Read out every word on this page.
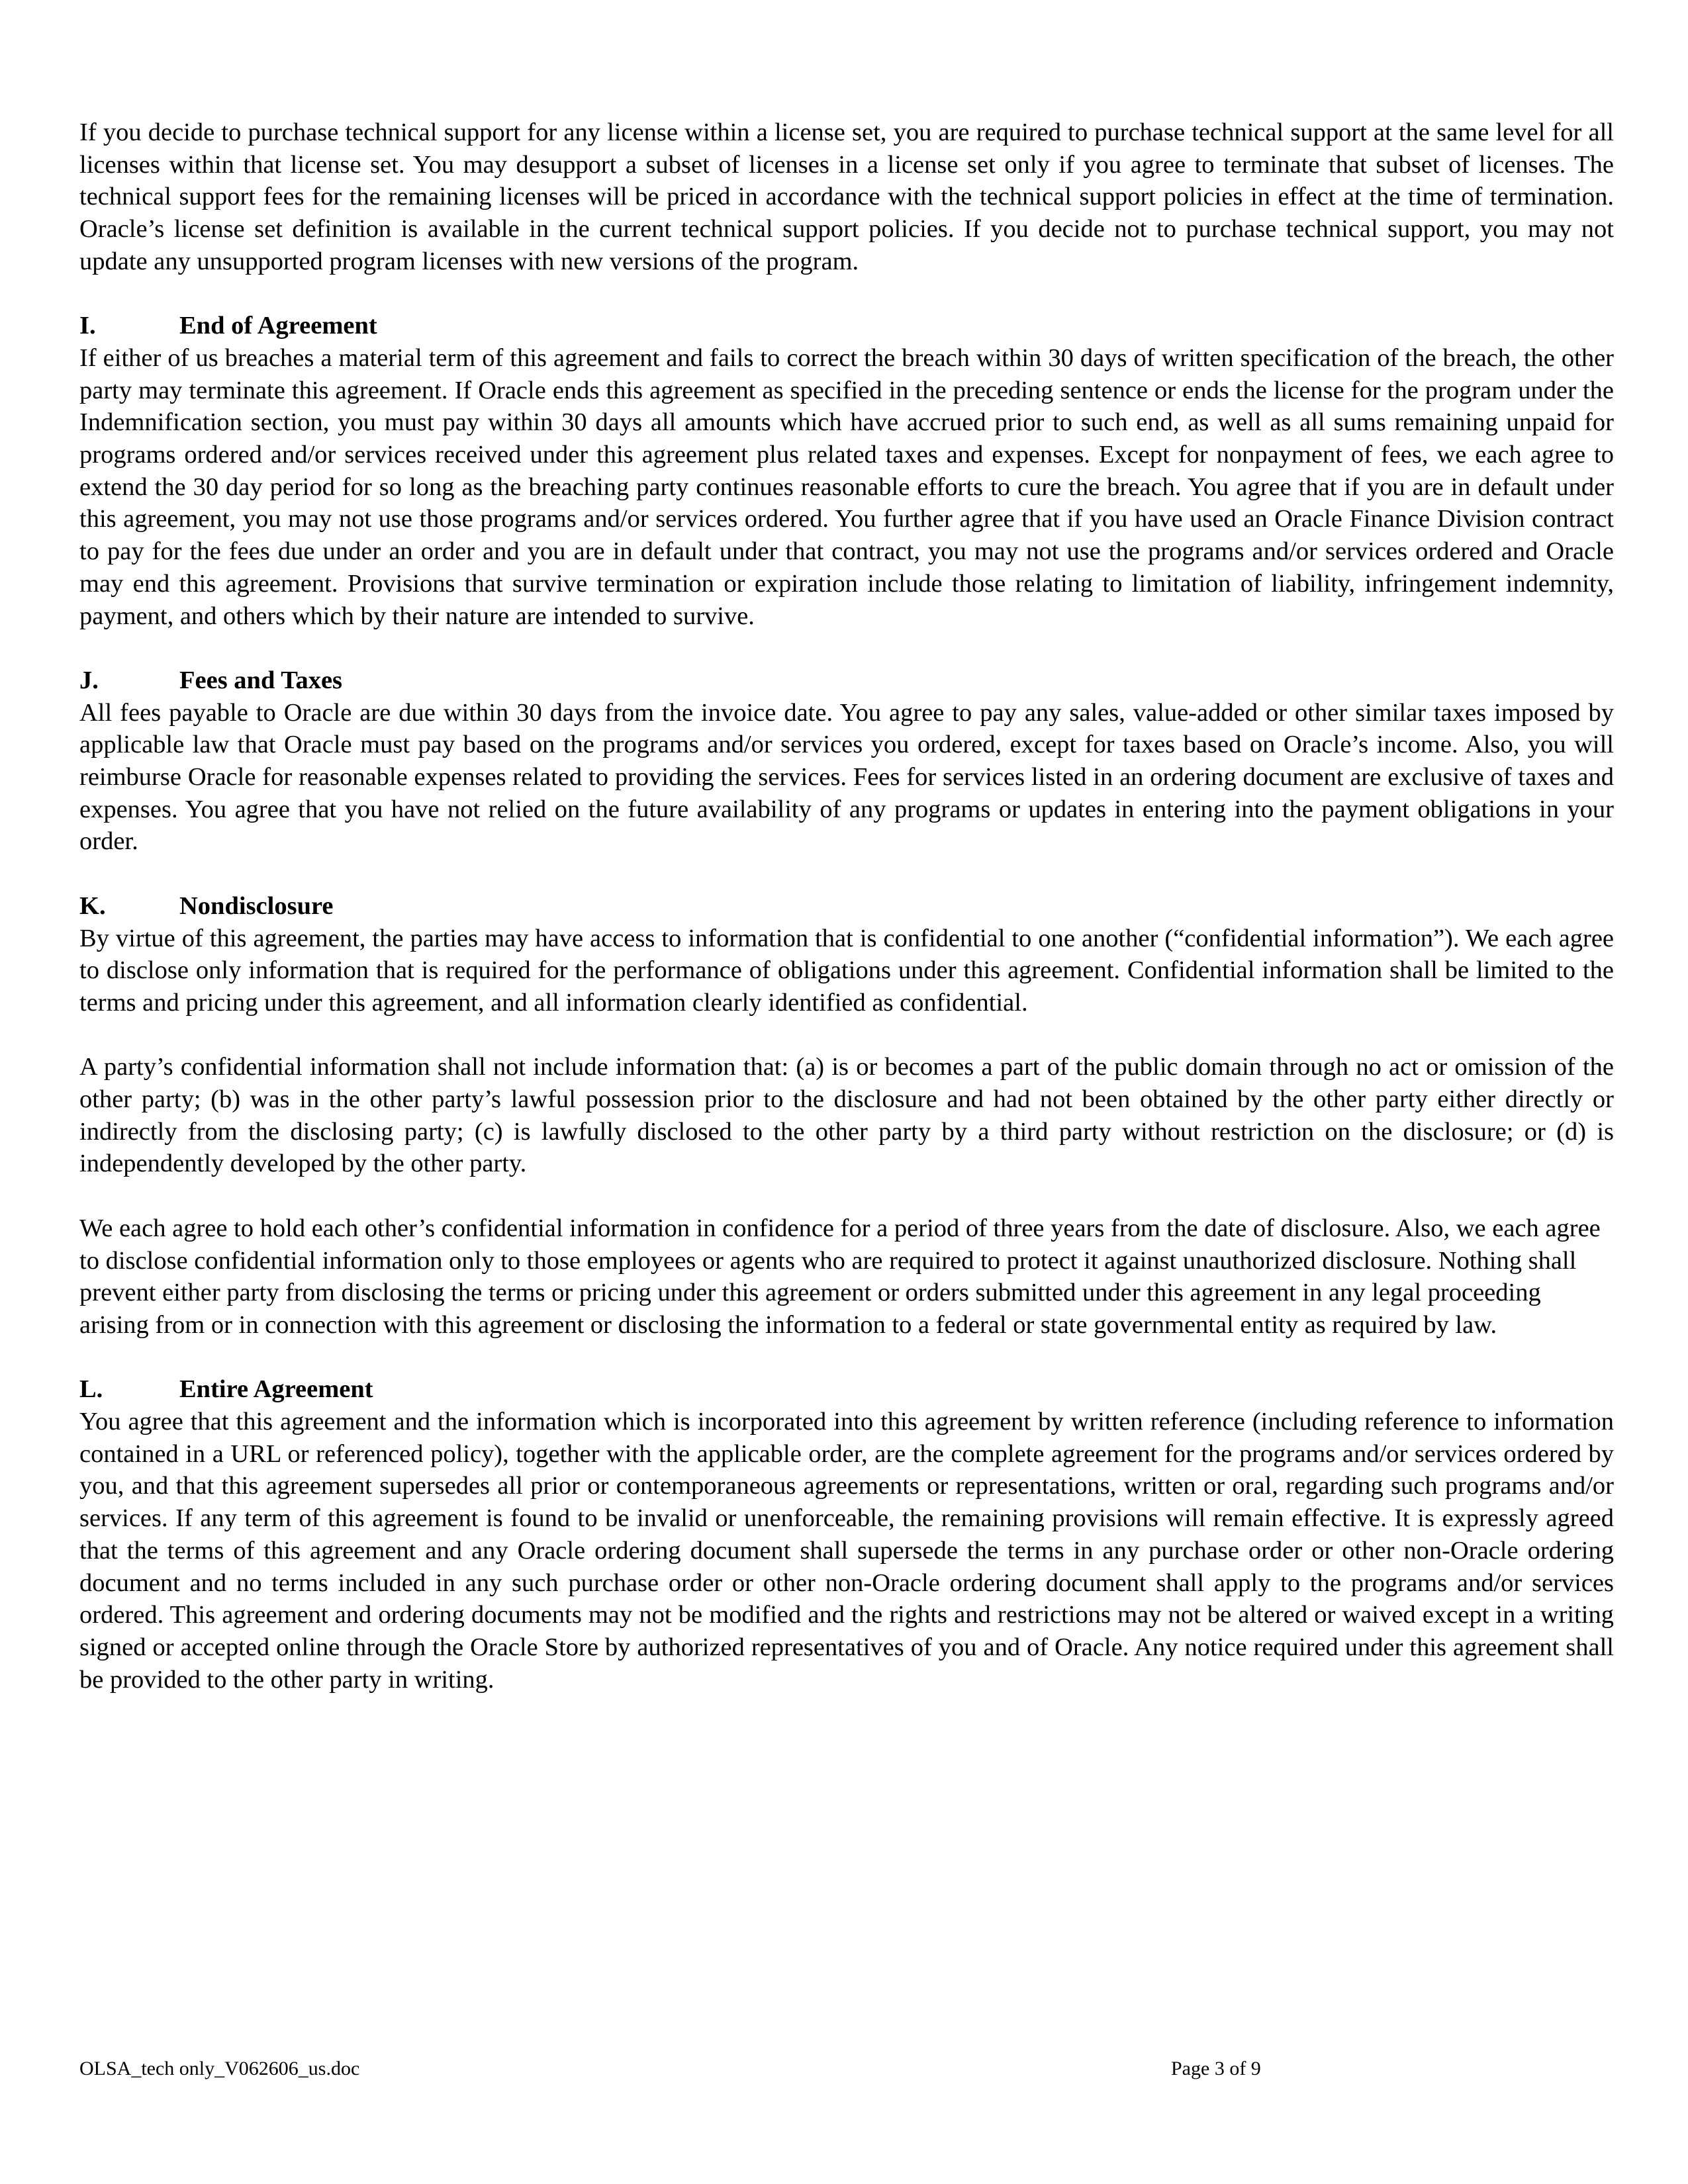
If you decide to purchase technical support for any license within a license set, you are required to purchase technical support at the same level for all licenses within that license set. You may desupport a subset of licenses in a license set only if you agree to terminate that subset of licenses. The technical support fees for the remaining licenses will be priced in accordance with the technical support policies in effect at the time of termination. Oracle’s license set definition is available in the current technical support policies. If you decide not to purchase technical support, you may not update any unsupported program licenses with new versions of the program.

I.	End of Agreement

If either of us breaches a material term of this agreement and fails to correct the breach within 30 days of written specification of the breach, the other party may terminate this agreement. If Oracle ends this agreement as specified in the preceding sentence or ends the license for the program under the Indemnification section, you must pay within 30 days all amounts which have accrued prior to such end, as well as all sums remaining unpaid for programs ordered and/or services received under this agreement plus related taxes and expenses. Except for nonpayment of fees, we each agree to extend the 30 day period for so long as the breaching party continues reasonable efforts to cure the breach. You agree that if you are in default under this agreement, you may not use those programs and/or services ordered. You further agree that if you have used an Oracle Finance Division contract to pay for the fees due under an order and you are in default under that contract, you may not use the programs and/or services ordered and Oracle may end this agreement. Provisions that survive termination or expiration include those relating to limitation of liability, infringement indemnity, payment, and others which by their nature are intended to survive.

J.	Fees and Taxes

All fees payable to Oracle are due within 30 days from the invoice date. You agree to pay any sales, value-added or other similar taxes imposed by applicable law that Oracle must pay based on the programs and/or services you ordered, except for taxes based on Oracle’s income. Also, you will reimburse Oracle for reasonable expenses related to providing the services. Fees for services listed in an ordering document are exclusive of taxes and expenses. You agree that you have not relied on the future availability of any programs or updates in entering into the payment obligations in your order.

K.	Nondisclosure

By virtue of this agreement, the parties may have access to information that is confidential to one another (“confidential information”). We each agree to disclose only information that is required for the performance of obligations under this agreement. Confidential information shall be limited to the terms and pricing under this agreement, and all information clearly identified as confidential.

A party’s confidential information shall not include information that: (a) is or becomes a part of the public domain through no act or omission of the other party; (b) was in the other party’s lawful possession prior to the disclosure and had not been obtained by the other party either directly or indirectly from the disclosing party; (c) is lawfully disclosed to the other party by a third party without restriction on the disclosure; or (d) is independently developed by the other party.

We each agree to hold each other’s confidential information in confidence for a period of three years from the date of disclosure. Also, we each agree to disclose confidential information only to those employees or agents who are required to protect it against unauthorized disclosure. Nothing shall prevent either party from disclosing the terms or pricing under this agreement or orders submitted under this agreement in any legal proceeding arising from or in connection with this agreement or disclosing the information to a federal or state governmental entity as required by law.

L.	Entire Agreement

You agree that this agreement and the information which is incorporated into this agreement by written reference (including reference to information contained in a URL or referenced policy), together with the applicable order, are the complete agreement for the programs and/or services ordered by you, and that this agreement supersedes all prior or contemporaneous agreements or representations, written or oral, regarding such programs and/or services. If any term of this agreement is found to be invalid or unenforceable, the remaining provisions will remain effective. It is expressly agreed that the terms of this agreement and any Oracle ordering document shall supersede the terms in any purchase order or other non-Oracle ordering document and no terms included in any such purchase order or other non-Oracle ordering document shall apply to the programs and/or services ordered. This agreement and ordering documents may not be modified and the rights and restrictions may not be altered or waived except in a writing signed or accepted online through the Oracle Store by authorized representatives of you and of Oracle. Any notice required under this agreement shall be provided to the other party in writing.

OLSA_tech only_V062606_us.doc	Page 3 of 9
